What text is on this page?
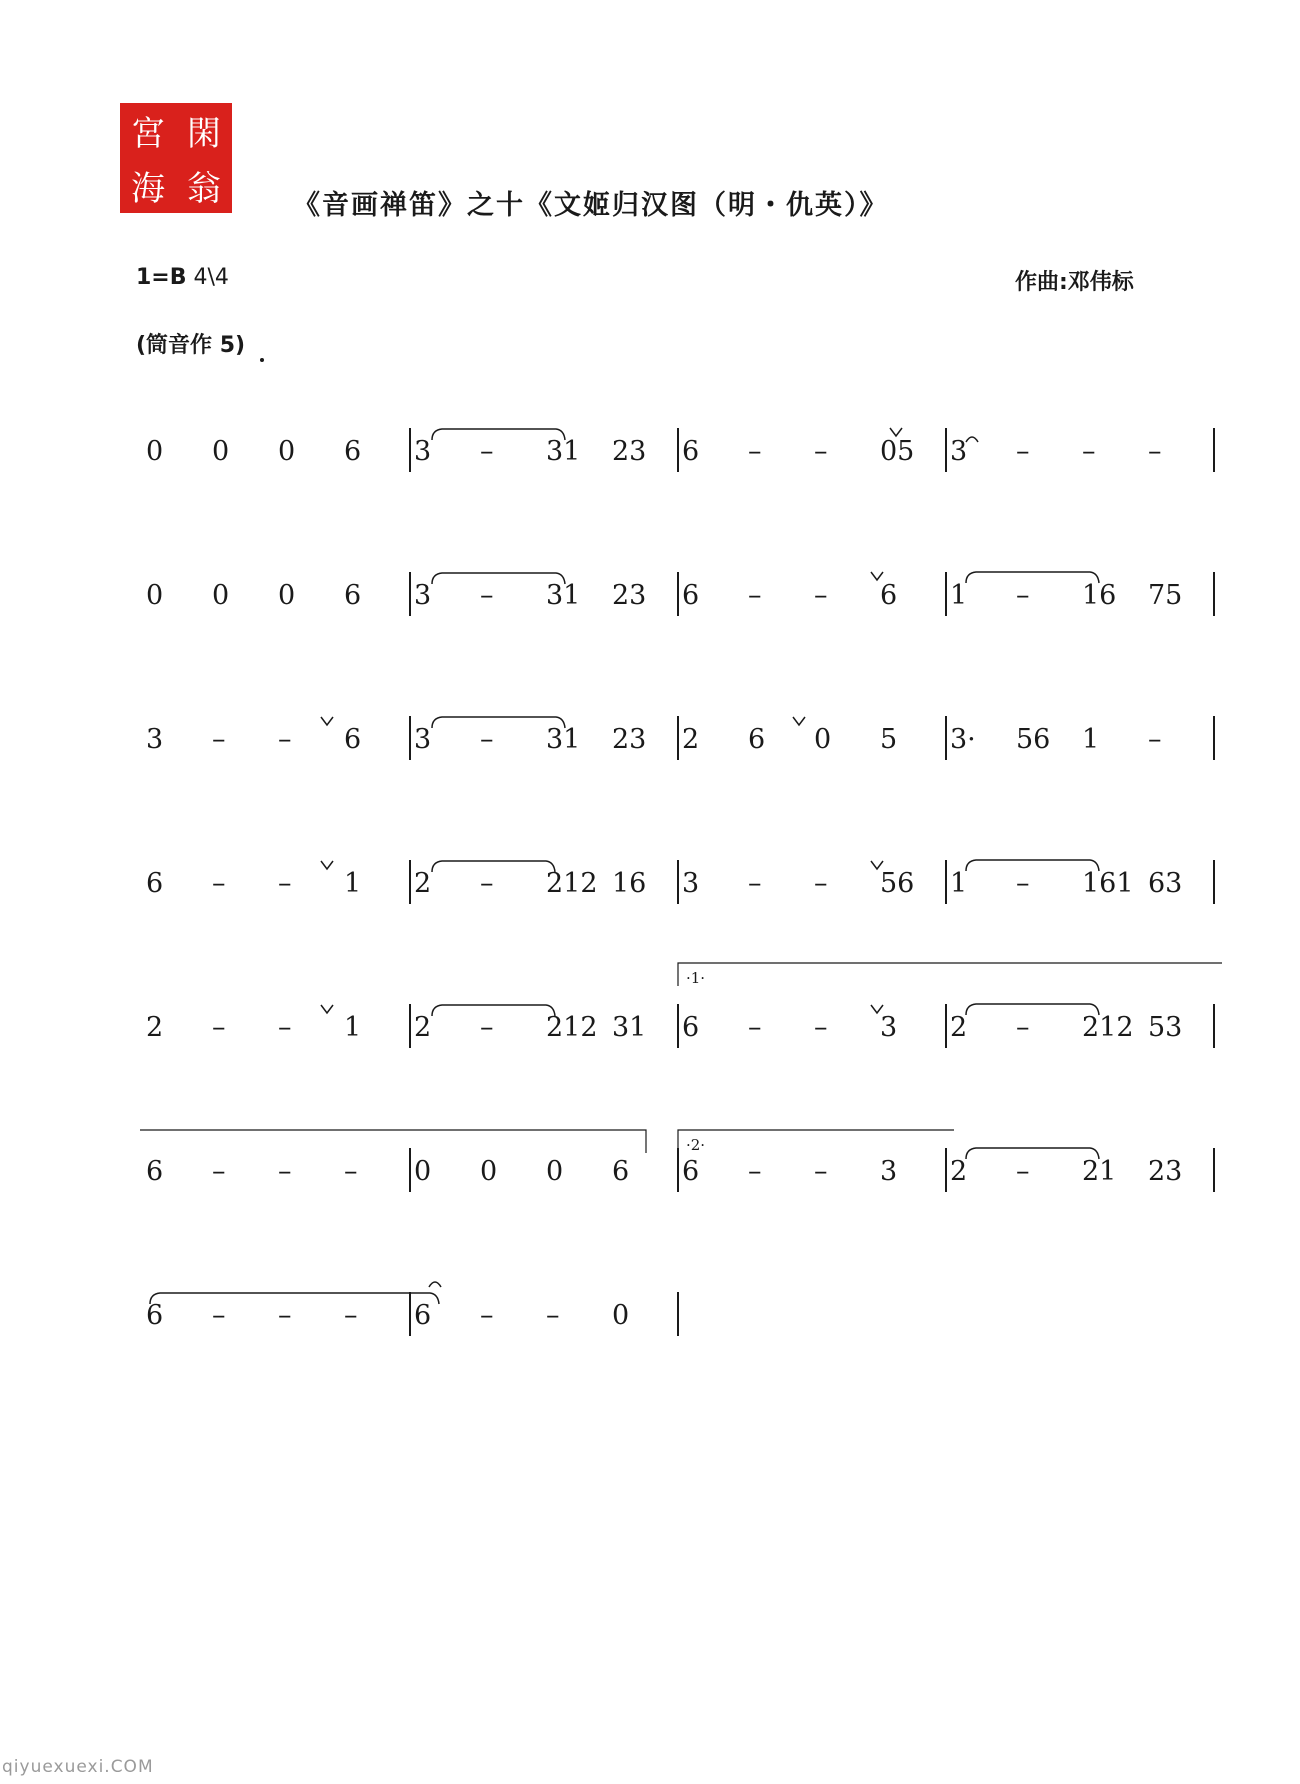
宮 閑
海 翁	《音画禅笛》之十《文姬归汉图（明・仇英）》
1=B 4\4	作曲:邓伟标
(筒音作 5)
0 0 0 6 3 – 31 23 6 – – 05 3 – – –
0 0 0 6 3 – 31 23 6 – – 6 1 – 16 75
3 – – 6 3 – 31 23 2 6 0 5 3· 56 1 –
6 – – 1 2 – 212 16 3 – – 56 1 – 161 63
2 – – 1 2 – 212 31 6 – – 3 2 – 212 53
6 – – – 0 0 0 6 6 – – 3 2 – 21 23
6 – – – 6 – – 0
·1·
·2·
qiyuexuexi.COM
